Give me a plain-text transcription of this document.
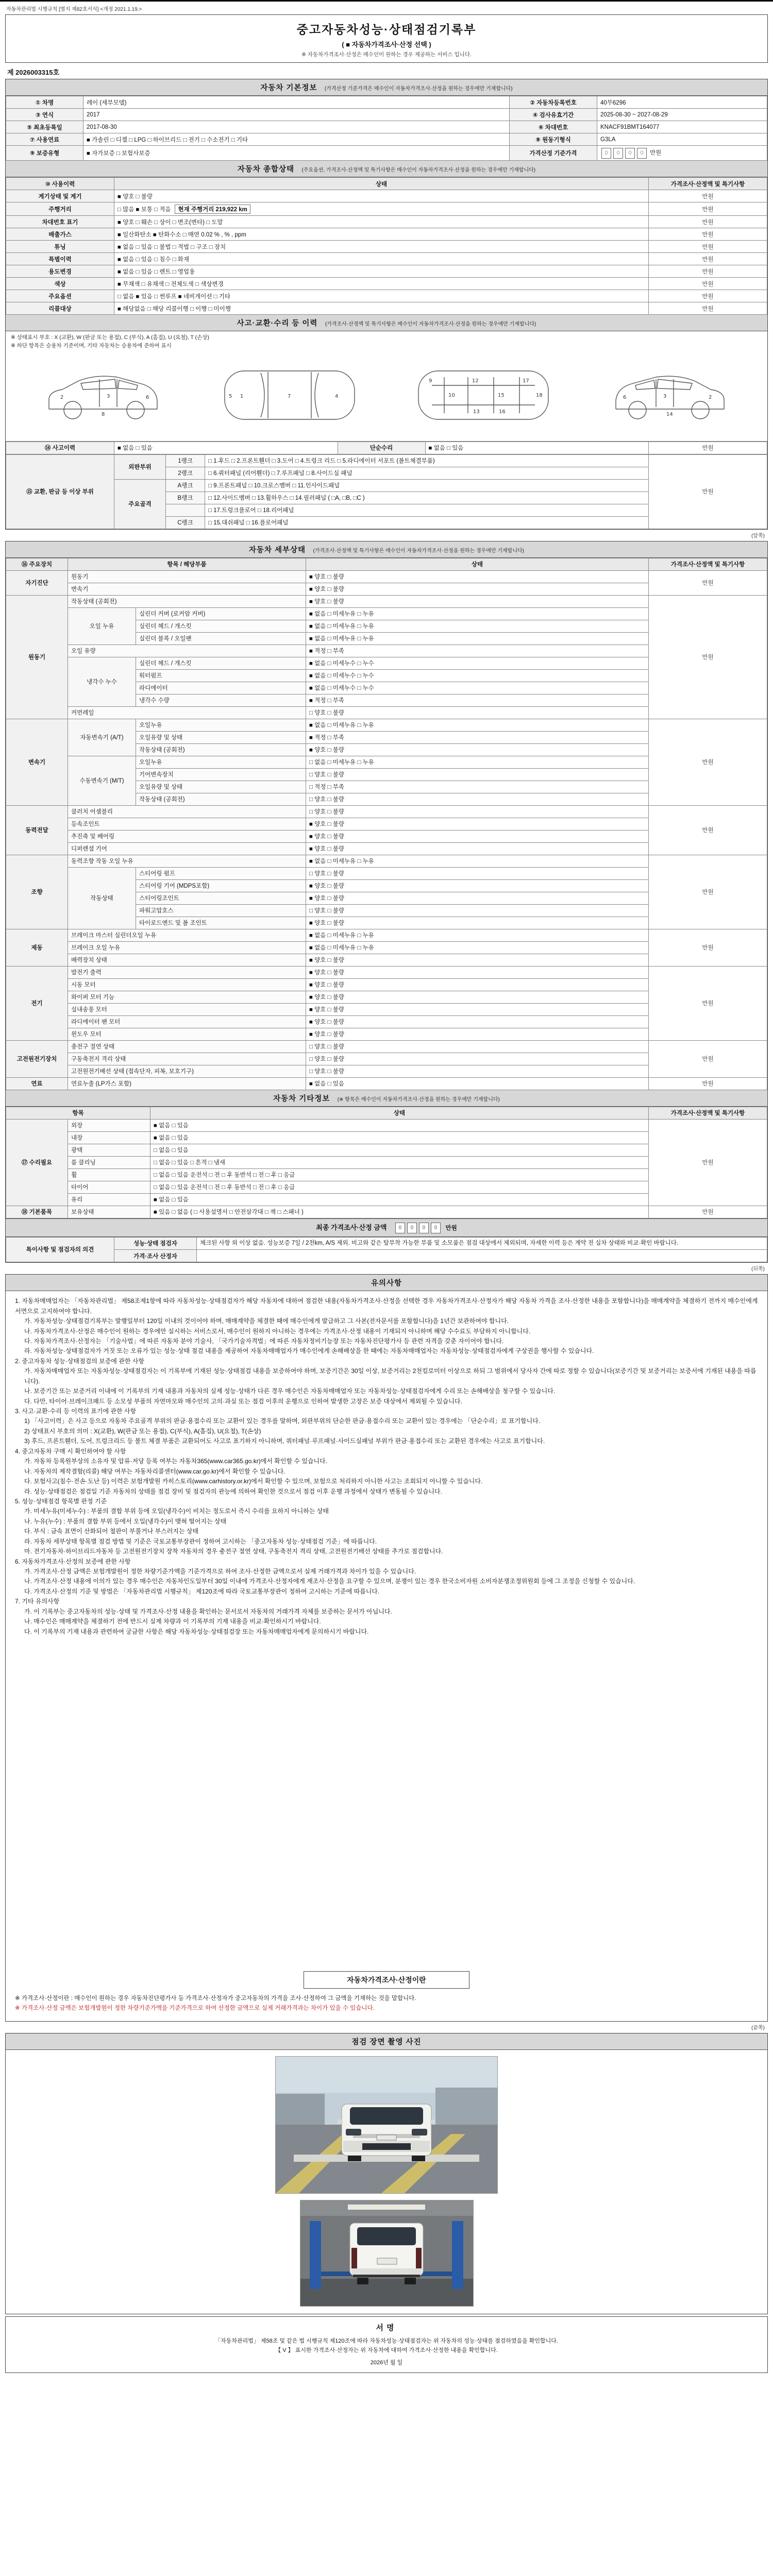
자동차관리법 시행규칙 [별지 제82호서식] <개정 2021.1.19.>
중고자동차성능·상태점검기록부
( ■ 자동차가격조사·산정 선택 )
※ 자동차가격조사·산정은 매수인이 원하는 경우 제공하는 서비스 입니다.
제 2026003315호
자동차 기본정보 (가격산정 기준가격은 매수인이 자동차가격조사·산정을 원하는 경우에만 기재합니다)
① 차명	레이 (세부모델)	② 자동차등록번호	40무6296
③ 연식	2017	④ 검사유효기간	2025-08-30 ~ 2027-08-29
⑤ 최초등록일	2017-08-30	⑥ 차대번호	KNACF91BMT164077
⑦ 사용연료	■ 가솔린 □ 디젤 □ LPG □ 하이브리드 □ 전기 □ 수소전기 □ 기타	⑧ 원동기형식	G3LA
⑨ 보증유형	■ 자가보증 □ 보험사보증	가격산정 기준가격	0 0 0 0 만원
자동차 종합상태 (주요옵션, 가격조사·산정액 및 특기사항은 매수인이 자동차가격조사·산정을 원하는 경우에만 기재합니다)
⑩ 사용이력	상태	가격조사·산정액 및 특기사항
계기상태 및 계기	■ 양호 □ 불량	만원
주행거리	□ 많음 ■ 보통 □ 적음 현재 주행거리 219,922 km	만원
차대번호 표기	■ 양호 □ 훼손 □ 상이 □ 변조(변타) □ 도말	만원
배출가스	■ 일산화탄소 ■ 탄화수소 □ 매연 0.02 % , % , ppm	만원
튜닝	■ 없음 □ 있음 □ 불법 □ 적법 □ 구조 □ 장치	만원
특별이력	■ 없음 □ 있음 □ 침수 □ 화재	만원
용도변경	■ 없음 □ 있음 □ 렌트 □ 영업용	만원
색상	■ 무채색 □ 유채색 □ 전체도색 □ 색상변경	만원
주요옵션	□ 없음 ■ 있음 □ 썬루프 ■ 네비게이션 □ 기타	만원
리콜대상	■ 해당없음 □ 해당 리콜이행 □ 이행 □ 미이행	만원
사고·교환·수리 등 이력 (가격조사·산정액 및 특기사항은 매수인이 자동차가격조사·산정을 원하는 경우에만 기재합니다)
※ 상태표시 부호 : X (교환), W (판금 또는 용접), C (부식), A (흠집), U (요철), T (손상)
※ 하단 항목은 승용차 기준이며, 기타 자동차는 승용차에 준하여 표시
2	3	6
8
1	7	4
5
9
10
12
13
15
16
17
18	2
3
6
14
⑭ 사고이력	■ 없음 □ 있음	단순수리	■ 없음 □ 있음	만원
⑮ 교환, 판금 등 이상 부위	외판부위	1랭크	□ 1.후드 □ 2.프론트휀더 □ 3.도어 □ 4.트렁크 리드 □ 5.라디에이터 서포트 (볼트체결부품)	만원
		2랭크	□ 6.쿼터패널 (리어휀더) □ 7.루프패널 □ 8.사이드실 패널	
	주요골격	A랭크	□ 9.프론트패널 □ 10.크로스멤버 □ 11.인사이드패널	
		B랭크	□ 12.사이드멤버 □ 13.휠하우스 □ 14.필러패널 ( □A, □B, □C )	
			□ 17.트렁크플로어 □ 18.리어패널	
		C랭크	□ 15.대쉬패널 □ 16.플로어패널	
(앞쪽)
자동차 세부상태 (가격조사·산정액 및 특기사항은 매수인이 자동차가격조사·산정을 원하는 경우에만 기재합니다)
⑯ 주요장치	항목 / 해당부품		상태	가격조사·산정액 및 특기사항
자기진단	원동기		■ 양호 □ 불량	만원
	변속기		■ 양호 □ 불량	
원동기	작동상태 (공회전)		■ 양호 □ 불량	만원
	오일 누유	실린더 커버 (로커암 커버)	■ 없음 □ 미세누유 □ 누유	
		실린더 헤드 / 개스킷	■ 없음 □ 미세누유 □ 누유	
		실린더 블록 / 오일팬	■ 없음 □ 미세누유 □ 누유	
	오일 유량		■ 적정 □ 부족	
	냉각수 누수	실린더 헤드 / 개스킷	■ 없음 □ 미세누수 □ 누수	
		워터펌프	■ 없음 □ 미세누수 □ 누수	
		라디에이터	■ 없음 □ 미세누수 □ 누수	
		냉각수 수량	■ 적정 □ 부족	
	커먼레일		□ 양호 □ 불량	
변속기	자동변속기 (A/T)	오일누유	■ 없음 □ 미세누유 □ 누유	만원
		오일유량 및 상태	■ 적정 □ 부족	
		작동상태 (공회전)	■ 양호 □ 불량	
	수동변속기 (M/T)	오일누유	□ 없음 □ 미세누유 □ 누유	
		기어변속장치	□ 양호 □ 불량	
		오일유량 및 상태	□ 적정 □ 부족	
		작동상태 (공회전)	□ 양호 □ 불량	
동력전달	클러치 어셈블리		□ 양호 □ 불량	만원
	등속조인트		■ 양호 □ 불량	
	추진축 및 베어링		■ 양호 □ 불량	
	디퍼렌셜 기어		■ 양호 □ 불량	
조향	동력조향 작동 오일 누유		■ 없음 □ 미세누유 □ 누유	만원
	작동상태	스티어링 펌프	□ 양호 □ 불량	
		스티어링 기어 (MDPS포함)	■ 양호 □ 불량	
		스티어링조인트	■ 양호 □ 불량	
		파워고압호스	□ 양호 □ 불량	
		타이로드엔드 및 볼 조인트	■ 양호 □ 불량	
제동	브레이크 마스터 실린더오일 누유		■ 없음 □ 미세누유 □ 누유	만원
	브레이크 오일 누유		■ 없음 □ 미세누유 □ 누유	
	배력장치 상태		■ 양호 □ 불량	
전기	발전기 출력		■ 양호 □ 불량	만원
	시동 모터		■ 양호 □ 불량	
	와이퍼 모터 기능		■ 양호 □ 불량	
	실내송풍 모터		■ 양호 □ 불량	
	라디에이터 팬 모터		■ 양호 □ 불량	
	윈도우 모터		■ 양호 □ 불량	
고전원전기장치	충전구 절연 상태		□ 양호 □ 불량	만원
	구동축전지 격리 상태		□ 양호 □ 불량	
	고전원전기배선 상태 (접속단자, 피복, 보호기구)		□ 양호 □ 불량	
연료	연료누출 (LP가스 포함)		■ 없음 □ 있음	만원
자동차 기타정보 (※ 항목은 매수인이 자동차가격조사·산정을 원하는 경우에만 기재합니다)
항목		상태	가격조사·산정액 및 특기사항
⑰ 수리필요	외장	■ 없음 □ 있음	만원
	내장	■ 없음 □ 있음	
	광택	□ 없음 □ 있음	
	룸 클리닝	□ 없음 □ 있음 □ 흔적 □ 냄새	
	휠	□ 없음 □ 있음 운전석 □ 전 □ 후 동반석 □ 전 □ 후 □ 응급	
	타이어	□ 없음 □ 있음 운전석 □ 전 □ 후 동반석 □ 전 □ 후 □ 응급	
	유리	■ 없음 □ 있음	
⑱ 기본품목	보유상태	■ 있음 □ 없음 ( □ 사용설명서 □ 안전삼각대 □ 잭 □ 스패너 )	만원
최종 가격조사·산정 금액 0 0 0 0 만원
특이사항 및 점검자의 의견	성능·상태 점검자	체크된 사항 외 이상 없음. 성능보증 7일 / 2천km, A/S 제외. 비고와 같은 탈부착 가능한 부품 및 소모품은 점검 대상에서 제외되며, 자세한 이력 등은 계약 전 실차 상태와 비교·확인 바랍니다.
	가격·조사 산정자	
(뒤쪽)
유의사항
1. 자동차매매업자는 「자동차관리법」 제58조제1항에 따라 자동차성능·상태점검자가 해당 자동차에 대하여 점검한 내용(자동차가격조사·산정을 선택한 경우 자동차가격조사·산정자가 해당 자동차 가격을 조사·산정한 내용을 포함합니다)을 매매계약을 체결하기 전까지 매수인에게 서면으로 고지하여야 합니다.
가. 자동차성능·상태점검기록부는 발행일부터 120일 이내의 것이어야 하며, 매매계약을 체결한 때에 매수인에게 발급하고 그 사본(전자문서를 포함합니다)을 1년간 보관하여야 합니다.
나. 자동차가격조사·산정은 매수인이 원하는 경우에만 실시하는 서비스로서, 매수인이 원하지 아니하는 경우에는 가격조사·산정 내용이 기재되지 아니하며 해당 수수료도 부담하지 아니합니다.
다. 자동차가격조사·산정자는 「기술사법」에 따른 자동차 분야 기술사, 「국가기술자격법」에 따른 자동차정비기능장 또는 자동차진단평가사 등 관련 자격을 갖춘 자이어야 합니다.
라. 자동차성능·상태점검자가 거짓 또는 오류가 있는 성능·상태 점검 내용을 제공하여 자동차매매업자가 매수인에게 손해배상을 한 때에는 자동차매매업자는 자동차성능·상태점검자에게 구상권을 행사할 수 있습니다.
2. 중고자동차 성능·상태점검의 보증에 관한 사항
가. 자동차매매업자 또는 자동차성능·상태점검자는 이 기록부에 기재된 성능·상태점검 내용을 보증하여야 하며, 보증기간은 30일 이상, 보증거리는 2천킬로미터 이상으로 하되 그 범위에서 당사자 간에 따로 정할 수 있습니다(보증기간 및 보증거리는 보증서에 기재된 내용을 따릅니다).
나. 보증기간 또는 보증거리 이내에 이 기록부의 기재 내용과 자동차의 실제 성능·상태가 다른 경우 매수인은 자동차매매업자 또는 자동차성능·상태점검자에게 수리 또는 손해배상을 청구할 수 있습니다.
다. 다만, 타이어·브레이크패드 등 소모성 부품의 자연마모와 매수인의 고의·과실 또는 점검 이후의 운행으로 인하여 발생한 고장은 보증 대상에서 제외될 수 있습니다.
3. 사고·교환·수리 등 이력의 표기에 관한 사항
1) 「사고이력」은 사고 등으로 자동차 주요골격 부위의 판금·용접수리 또는 교환이 있는 경우를 말하며, 외판부위의 단순한 판금·용접수리 또는 교환이 있는 경우에는 「단순수리」로 표기합니다.
2) 상태표시 부호의 의미 : X(교환), W(판금 또는 용접), C(부식), A(흠집), U(요철), T(손상)
3) 후드, 프론트휀더, 도어, 트렁크리드 등 볼트 체결 부품은 교환되어도 사고로 표기하지 아니하며, 쿼터패널·루프패널·사이드실패널 부위가 판금·용접수리 또는 교환된 경우에는 사고로 표기합니다.
4. 중고자동차 구매 시 확인하여야 할 사항
가. 자동차 등록원부상의 소유자 및 압류·저당 등록 여부는 자동차365(www.car365.go.kr)에서 확인할 수 있습니다.
나. 자동차의 제작결함(리콜) 해당 여부는 자동차리콜센터(www.car.go.kr)에서 확인할 수 있습니다.
다. 보험사고(침수·전손·도난 등) 이력은 보험개발원 카히스토리(www.carhistory.or.kr)에서 확인할 수 있으며, 보험으로 처리하지 아니한 사고는 조회되지 아니할 수 있습니다.
라. 성능·상태점검은 점검일 기준 자동차의 상태를 점검 장비 및 점검자의 관능에 의하여 확인한 것으로서 점검 이후 운행 과정에서 상태가 변동될 수 있습니다.
5. 성능·상태점검 항목별 판정 기준
가. 미세누유(미세누수) : 부품의 결합 부위 등에 오일(냉각수)이 비치는 정도로서 즉시 수리를 요하지 아니하는 상태
나. 누유(누수) : 부품의 결합 부위 등에서 오일(냉각수)이 맺혀 떨어지는 상태
다. 부식 : 금속 표면이 산화되어 철판이 부풀거나 부스러지는 상태
라. 자동차 세부상태 항목별 점검 방법 및 기준은 국토교통부장관이 정하여 고시하는 「중고자동차 성능·상태점검 기준」에 따릅니다.
마. 전기자동차·하이브리드자동차 등 고전원전기장치 장착 자동차의 경우 충전구 절연 상태, 구동축전지 격리 상태, 고전원전기배선 상태를 추가로 점검합니다.
6. 자동차가격조사·산정의 보증에 관한 사항
가. 가격조사·산정 금액은 보험개발원이 정한 차량기준가액을 기준가격으로 하여 조사·산정한 금액으로서 실제 거래가격과 차이가 있을 수 있습니다.
나. 가격조사·산정 내용에 이의가 있는 경우 매수인은 자동차인도일부터 30일 이내에 가격조사·산정자에게 재조사·산정을 요구할 수 있으며, 분쟁이 있는 경우 한국소비자원 소비자분쟁조정위원회 등에 그 조정을 신청할 수 있습니다.
다. 가격조사·산정의 기준 및 방법은 「자동차관리법 시행규칙」 제120조에 따라 국토교통부장관이 정하여 고시하는 기준에 따릅니다.
7. 기타 유의사항
가. 이 기록부는 중고자동차의 성능·상태 및 가격조사·산정 내용을 확인하는 문서로서 자동차의 거래가격 자체를 보증하는 문서가 아닙니다.
나. 매수인은 매매계약을 체결하기 전에 반드시 실제 차량과 이 기록부의 기재 내용을 비교·확인하시기 바랍니다.
다. 이 기록부의 기재 내용과 관련하여 궁금한 사항은 해당 자동차성능·상태점검장 또는 자동차매매업자에게 문의하시기 바랍니다.
자동차가격조사·산정이란
※ 가격조사·산정이란 : 매수인이 원하는 경우 자동차진단평가사 등 가격조사·산정자가 중고자동차의 가격을 조사·산정하여 그 금액을 기재하는 것을 말합니다.
※ 가격조사·산정 금액은 보험개발원이 정한 차량기준가액을 기준가격으로 하여 산정한 금액으로 실제 거래가격과는 차이가 있을 수 있습니다.
(끝쪽)
점검 장면 촬영 사진
서명
「자동차관리법」 제58조 및 같은 법 시행규칙 제120조에 따라 자동차성능·상태점검자는 위 자동차의 성능·상태를 점검하였음을 확인합니다.
【 V 】 표시한 가격조사·산정자는 위 자동차에 대하여 가격조사·산정한 내용을 확인합니다.
2026년 월 일
